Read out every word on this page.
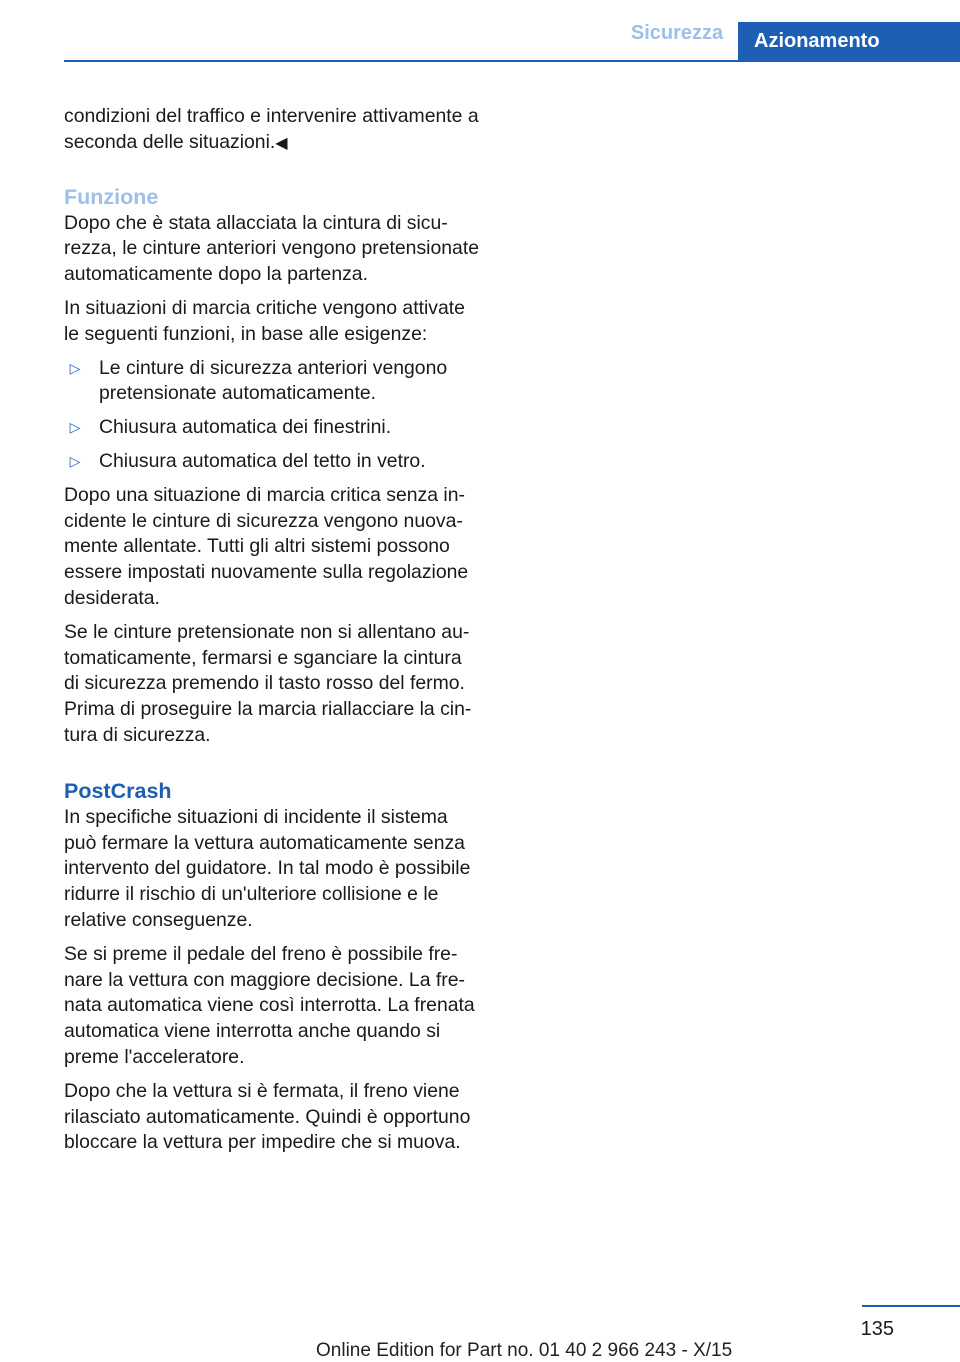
Sicurezza	Azionamento

condizioni del traffico e intervenire attivamente a seconda delle situazioni.◀

Funzione

Dopo che è stata allacciata la cintura di sicurezza, le cinture anteriori vengono pretensionate automaticamente dopo la partenza.

In situazioni di marcia critiche vengono attivate le seguenti funzioni, in base alle esigenze:

▷ Le cinture di sicurezza anteriori vengono pretensionate automaticamente.
▷ Chiusura automatica dei finestrini.
▷ Chiusura automatica del tetto in vetro.

Dopo una situazione di marcia critica senza incidente le cinture di sicurezza vengono nuovamente allentate. Tutti gli altri sistemi possono essere impostati nuovamente sulla regolazione desiderata.

Se le cinture pretensionate non si allentano automaticamente, fermarsi e sganciare la cintura di sicurezza premendo il tasto rosso del fermo. Prima di proseguire la marcia riallacciare la cintura di sicurezza.

PostCrash

In specifiche situazioni di incidente il sistema può fermare la vettura automaticamente senza intervento del guidatore. In tal modo è possibile ridurre il rischio di un'ulteriore collisione e le relative conseguenze.

Se si preme il pedale del freno è possibile frenare la vettura con maggiore decisione. La frenata automatica viene così interrotta. La frenata automatica viene interrotta anche quando si preme l'acceleratore.

Dopo che la vettura si è fermata, il freno viene rilasciato automaticamente. Quindi è opportuno bloccare la vettura per impedire che si muova.

135
Online Edition for Part no. 01 40 2 966 243 - X/15
